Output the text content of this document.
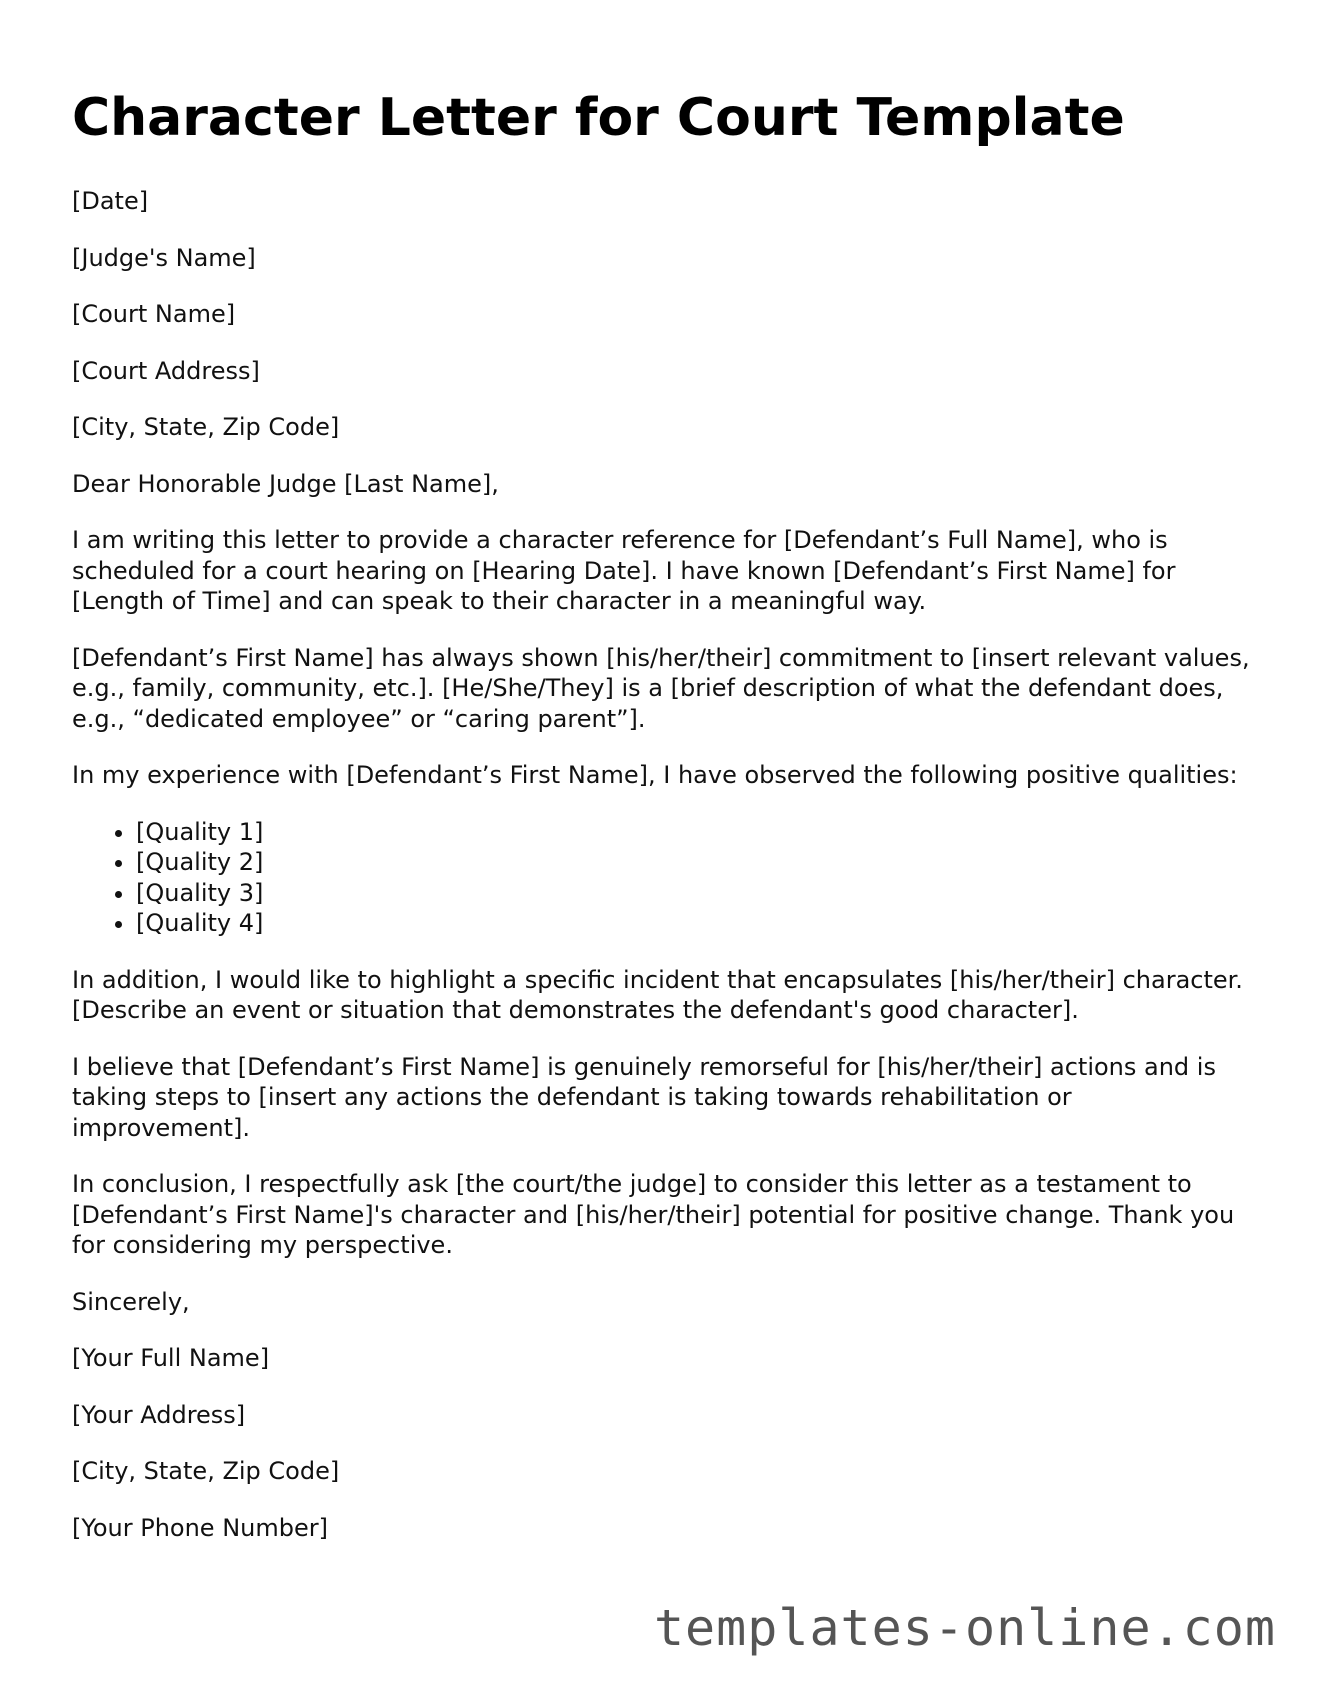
Character Letter for Court Template

[Date]

[Judge's Name]

[Court Name]

[Court Address]

[City, State, Zip Code]

Dear Honorable Judge [Last Name],

I am writing this letter to provide a character reference for [Defendant’s Full Name], who is scheduled for a court hearing on [Hearing Date]. I have known [Defendant’s First Name] for [Length of Time] and can speak to their character in a meaningful way.

[Defendant’s First Name] has always shown [his/her/their] commitment to [insert relevant values, e.g., family, community, etc.]. [He/She/They] is a [brief description of what the defendant does, e.g., “dedicated employee” or “caring parent”].

In my experience with [Defendant’s First Name], I have observed the following positive qualities:

• [Quality 1]
• [Quality 2]
• [Quality 3]
• [Quality 4]

In addition, I would like to highlight a specific incident that encapsulates [his/her/their] character. [Describe an event or situation that demonstrates the defendant's good character].

I believe that [Defendant’s First Name] is genuinely remorseful for [his/her/their] actions and is taking steps to [insert any actions the defendant is taking towards rehabilitation or improvement].

In conclusion, I respectfully ask [the court/the judge] to consider this letter as a testament to [Defendant’s First Name]'s character and [his/her/their] potential for positive change. Thank you for considering my perspective.

Sincerely,

[Your Full Name]

[Your Address]

[City, State, Zip Code]

[Your Phone Number]

templates-online.com
